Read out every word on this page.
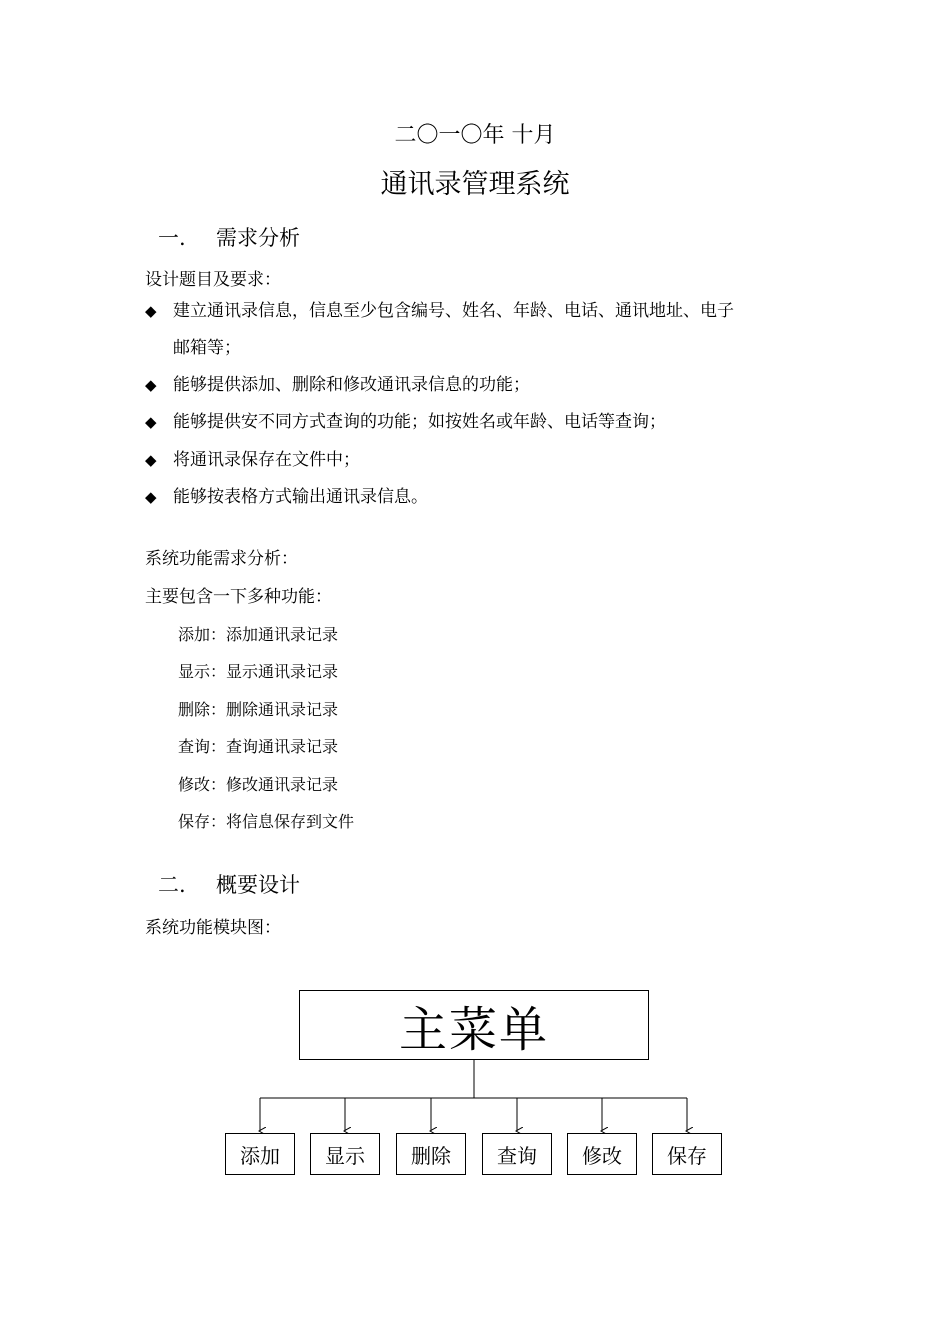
二〇一〇年 十月
通讯录管理系统
一. 需求分析
设计题目及要求：
◆ 建立通讯录信息，信息至少包含编号、姓名、年龄、电话、通讯地址、电子
邮箱等；
◆ 能够提供添加、删除和修改通讯录信息的功能；
◆ 能够提供安不同方式查询的功能；如按姓名或年龄、电话等查询；
◆ 将通讯录保存在文件中；
◆ 能够按表格方式输出通讯录信息。
系统功能需求分析：
主要包含一下多种功能：
添加：添加通讯录记录
显示：显示通讯录记录
删除：删除通讯录记录
查询：查询通讯录记录
修改：修改通讯录记录
保存：将信息保存到文件
二. 概要设计
系统功能模块图：
主菜单
添加	显示	删除	查询	修改	保存
